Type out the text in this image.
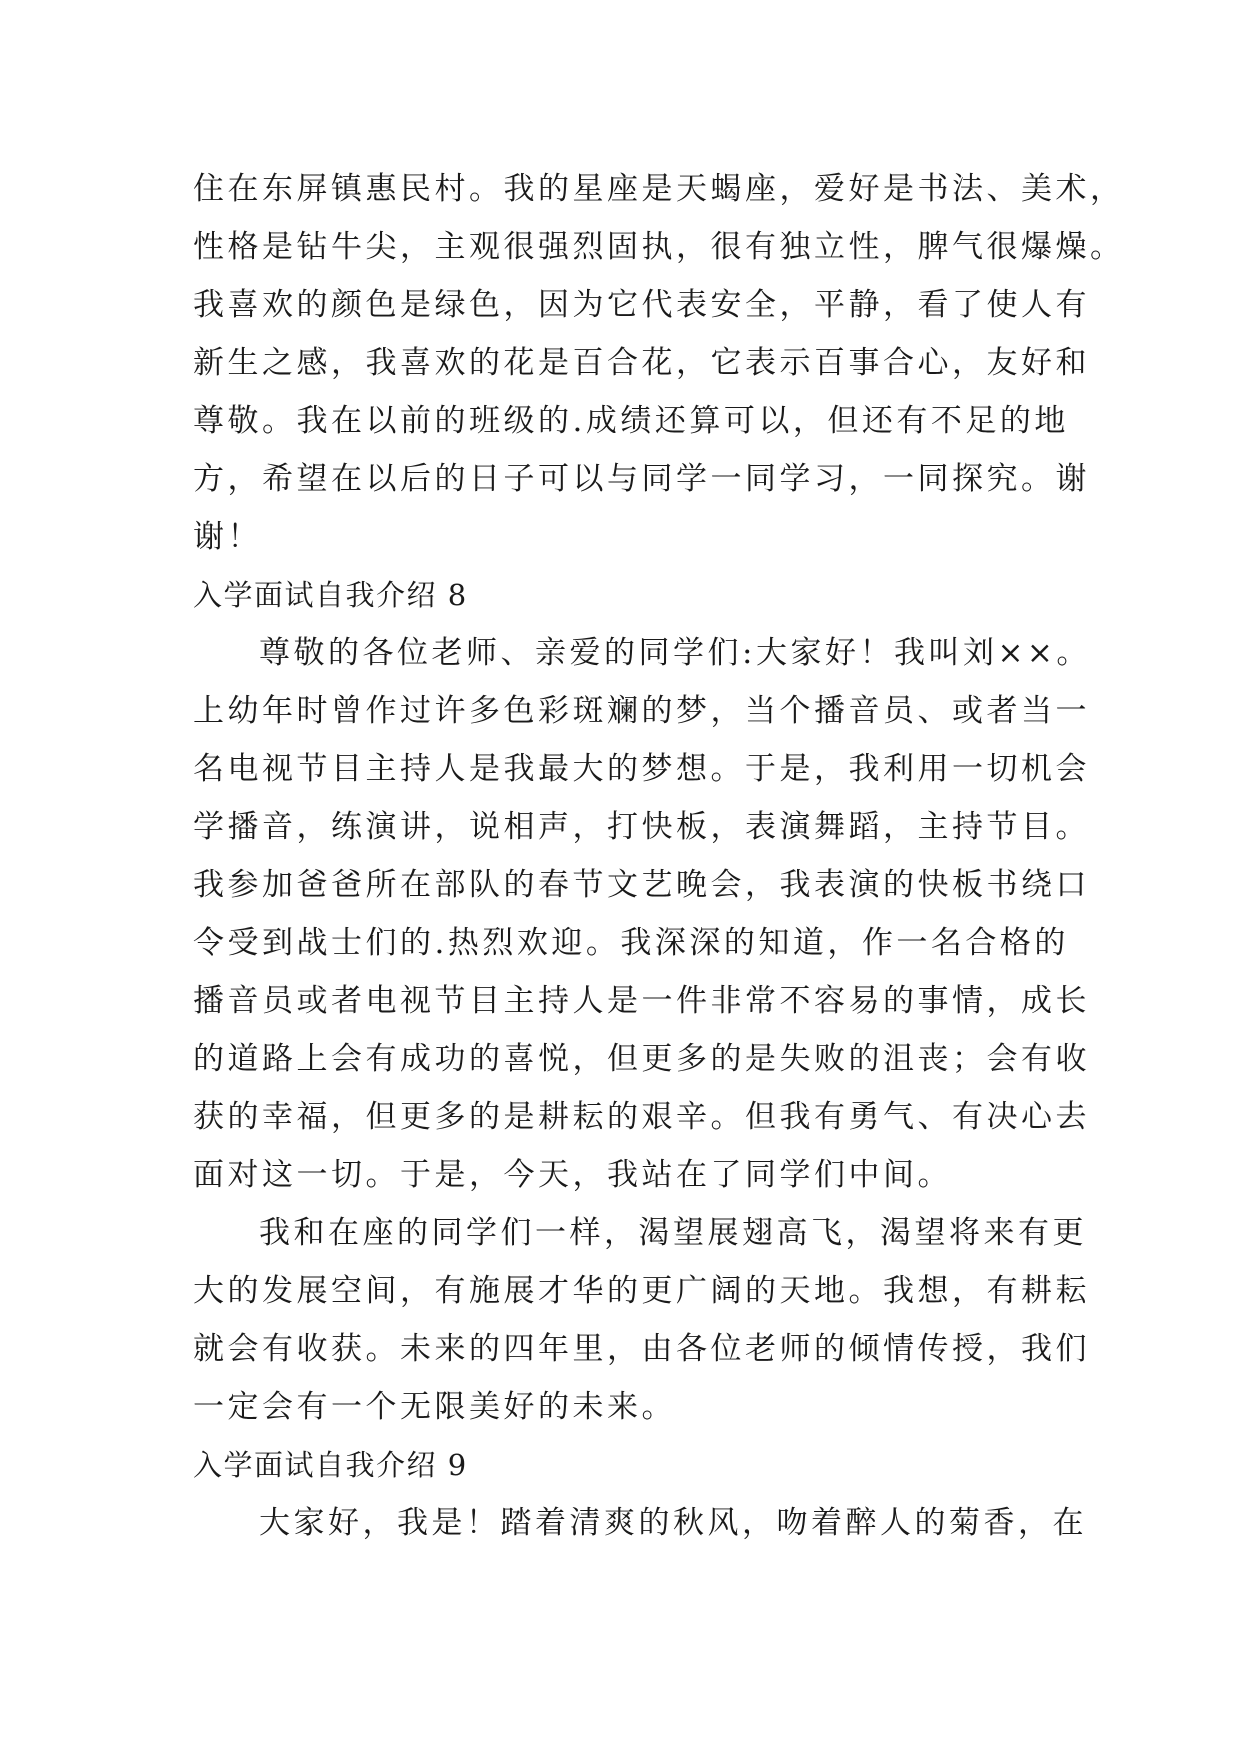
住在东屏镇惠民村。我的星座是天蝎座，爱好是书法、美术，
性格是钻牛尖，主观很强烈固执，很有独立性，脾气很爆燥。
我喜欢的颜色是绿色，因为它代表安全，平静，看了使人有
新生之感，我喜欢的花是百合花，它表示百事合心，友好和
尊敬。我在以前的班级的.成绩还算可以，但还有不足的地
方，希望在以后的日子可以与同学一同学习，一同探究。谢
谢！
入学面试自我介绍 8
尊敬的各位老师、亲爱的同学们:大家好！我叫刘××。
上幼年时曾作过许多色彩斑斓的梦，当个播音员、或者当一
名电视节目主持人是我最大的梦想。于是，我利用一切机会
学播音，练演讲，说相声，打快板，表演舞蹈，主持节目。
我参加爸爸所在部队的春节文艺晚会，我表演的快板书绕口
令受到战士们的.热烈欢迎。我深深的知道，作一名合格的
播音员或者电视节目主持人是一件非常不容易的事情，成长
的道路上会有成功的喜悦，但更多的是失败的沮丧；会有收
获的幸福，但更多的是耕耘的艰辛。但我有勇气、有决心去
面对这一切。于是，今天，我站在了同学们中间。
我和在座的同学们一样，渴望展翅高飞，渴望将来有更
大的发展空间，有施展才华的更广阔的天地。我想，有耕耘
就会有收获。未来的四年里，由各位老师的倾情传授，我们
一定会有一个无限美好的未来。
入学面试自我介绍 9
大家好，我是！踏着清爽的秋风，吻着醉人的菊香，在
